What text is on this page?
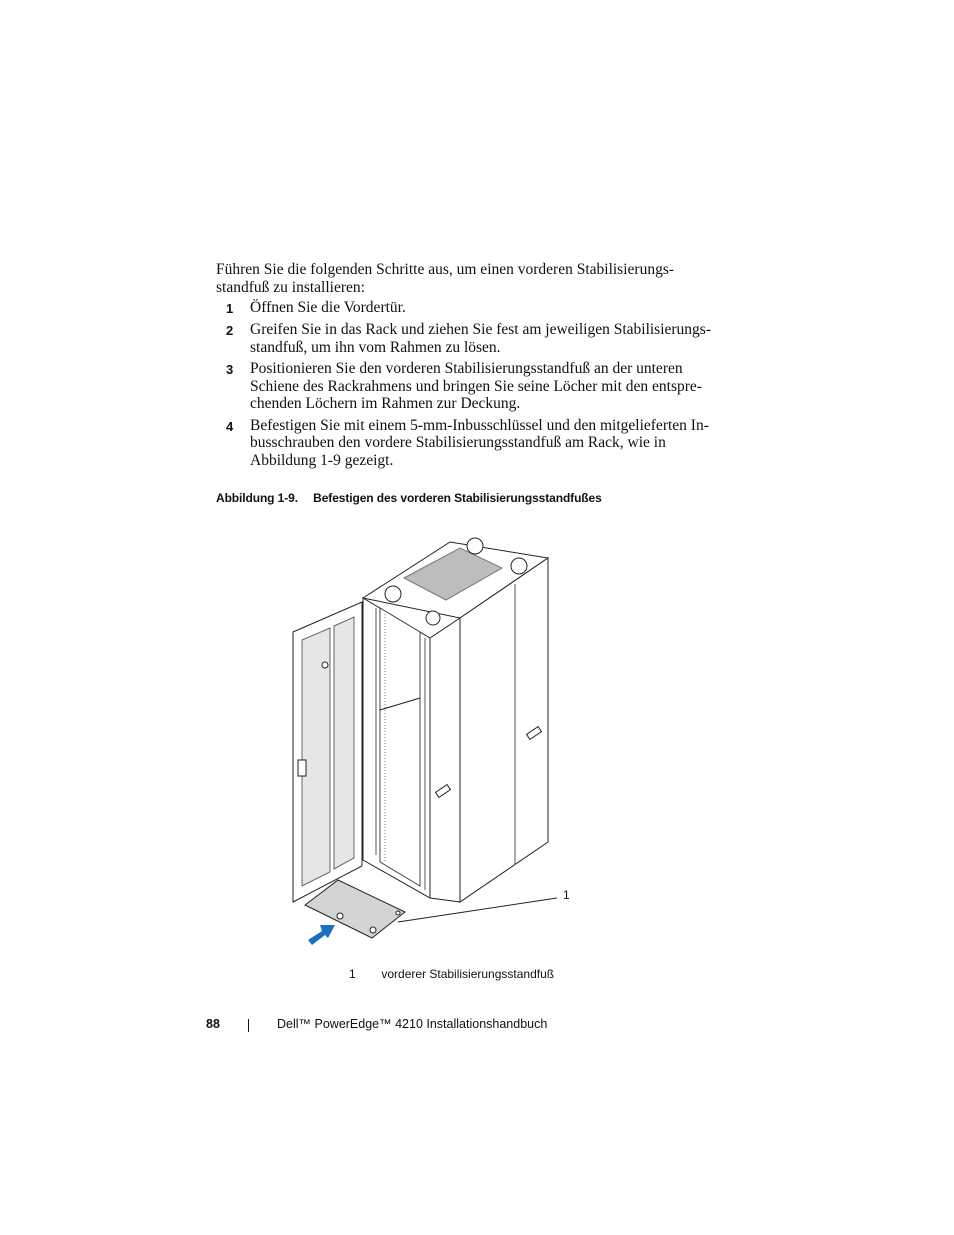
Führen Sie die folgenden Schritte aus, um einen vorderen Stabilisierungs-
standfuß zu installieren:
1 Öffnen Sie die Vordertür.
2 Greifen Sie in das Rack und ziehen Sie fest am jeweiligen Stabilisierungs-
standfuß, um ihn vom Rahmen zu lösen.
3 Positionieren Sie den vorderen Stabilisierungsstandfuß an der unteren
Schiene des Rackrahmens und bringen Sie seine Löcher mit den entspre-
chenden Löchern im Rahmen zur Deckung.
4 Befestigen Sie mit einem 5-mm-Inbusschlüssel und den mitgelieferten In-
busschrauben den vordere Stabilisierungsstandfuß am Rack, wie in
Abbildung 1-9 gezeigt.
Abbildung 1-9. Befestigen des vorderen Stabilisierungsstandfußes
1
1 vorderer Stabilisierungsstandfuß
88	Dell™ PowerEdge™ 4210 Installationshandbuch
